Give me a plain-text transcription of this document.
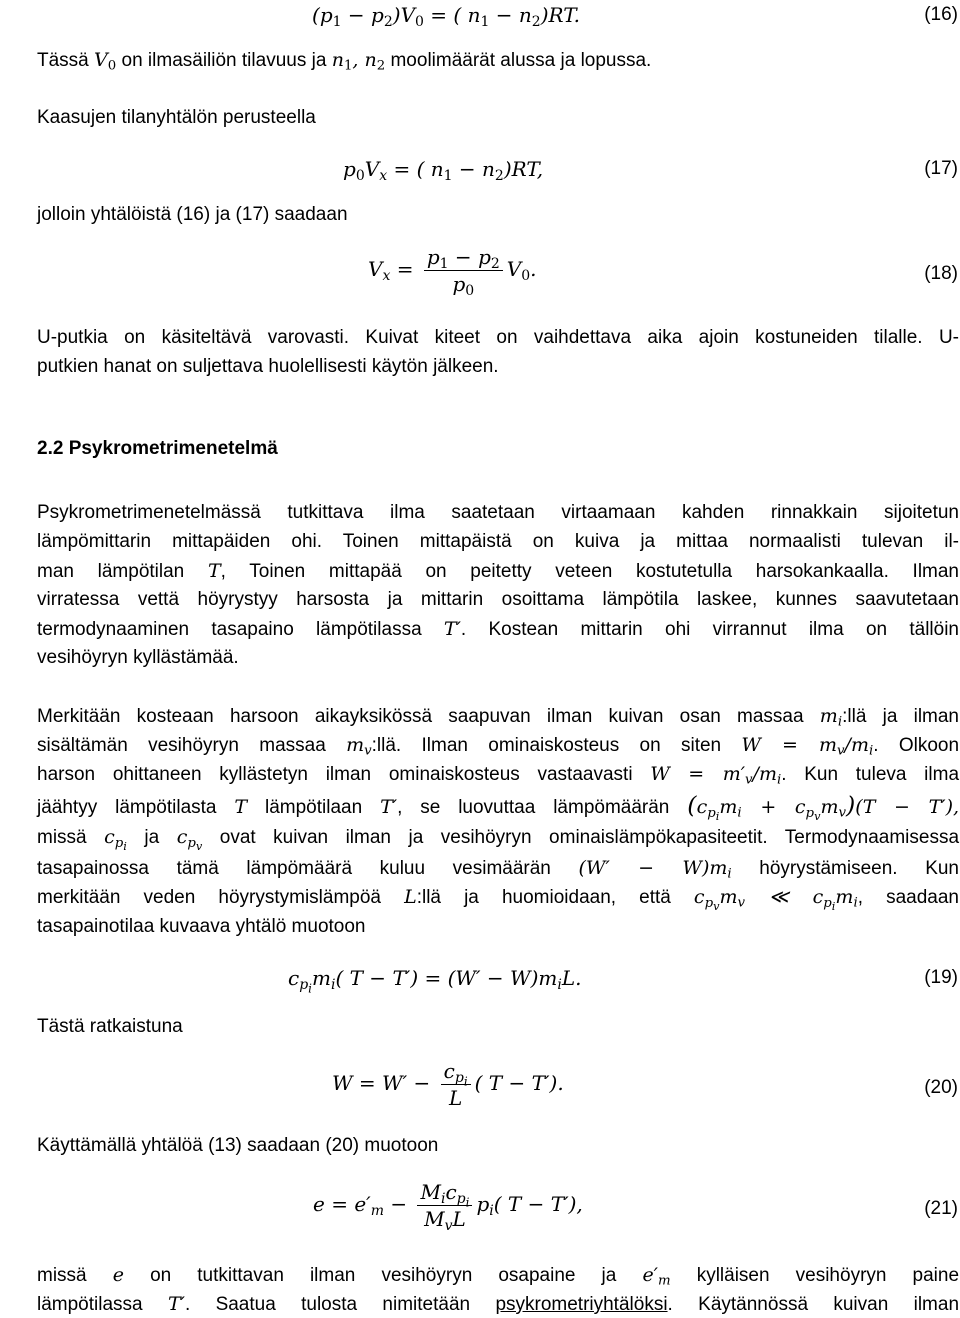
$(p_1 - p_2)V_0$ = ( $n_1 - n_2)RT$.	(16)
Tässä $V_0$ on ilmasäiliön tilavuus ja $n_1$, $n_2$ moolimäärät alussa ja lopussa.
Kaasujen tilanyhtälön perusteella
$p_0V_x$ = ( $n_1 - n_2)RT$,	(17)
jolloin yhtälöistä (16) ja (17) saadaan
$V_x = \frac{p_1 - p_2}{p_0} V_0$.	(18)
U-putkia on käsiteltävä varovasti. Kuivat kiteet on vaihdettava aika ajoin kostuneiden tilalle. U-
putkien hanat on suljettava huolellisesti käytön jälkeen.
2.2 Psykrometrimenetelmä
Psykrometrimenetelmässä tutkittava ilma saatetaan virtaamaan kahden rinnakkain sijoitetun
lämpömittarin mittapäiden ohi. Toinen mittapäistä on kuiva ja mittaa normaalisti tulevan il-
man lämpötilan T, Toinen mittapää on peitetty veteen kostutetulla harsokankaalla. Ilman
virratessa vettä höyrystyy harsosta ja mittarin osoittama lämpötila laskee, kunnes saavutetaan
termodynaaminen tasapaino lämpötilassa T′. Kostean mittarin ohi virrannut ilma on tällöin
vesihöyryn kyllästämää.
Merkitään kosteaan harsoon aikayksikössä saapuvan ilman kuivan osan massaa $m_i:llä$ ja ilman
sisältämän vesihöyryn massaa $m_v:llä$. Ilman ominaiskosteus on siten $W = m_v/m_i$. Olkoon
harson ohittaneen kyllästetyn ilman ominaiskosteus vastaavasti $W = m'_v/m_i$. Kun tuleva ilma
jäähtyy lämpötilasta T lämpötilaan T′, se luovuttaa lämpömäärän $(c_{p_i}m_i + c_{p_v}m_v)(T - T')$,
missä $c_{p_i}$ ja $c_{p_v}$ ovat kuivan ilman ja vesihöyryn ominaislämpökapasiteetit. Termodynaamisessa
tasapainossa tämä lämpömäärä kuluu vesimäärän $(W' - W)m_i$ höyrystämiseen. Kun
merkitään veden höyrystymislämpöä L:llä ja huomioidaan, että $c_{p_v}m_v$ ≪ $c_{p_i}m_i$, saadaan
tasapainotilaa kuvaava yhtälö muotoon
$c_{p_i}m_i$( $T - T') = (W' - W)m_iL$.	(19)
Tästä ratkaistuna
$W = W' - \frac{c_{p_i}}{L}$ ( T − T′).	(20)
Käyttämällä yhtälöä (13) saadaan (20) muotoon
$e = e'_m - \frac{M_ic_{p_i}}{M_vL} p_i$( T − T′),	(21)
missä e on tutkittavan ilman vesihöyryn osapaine ja $e'_m$ kylläisen vesihöyryn paine
lämpötilassa T′. Saatua tulosta nimitetään psykrometriyhtälöksi. Käytännössä kuivan ilman
